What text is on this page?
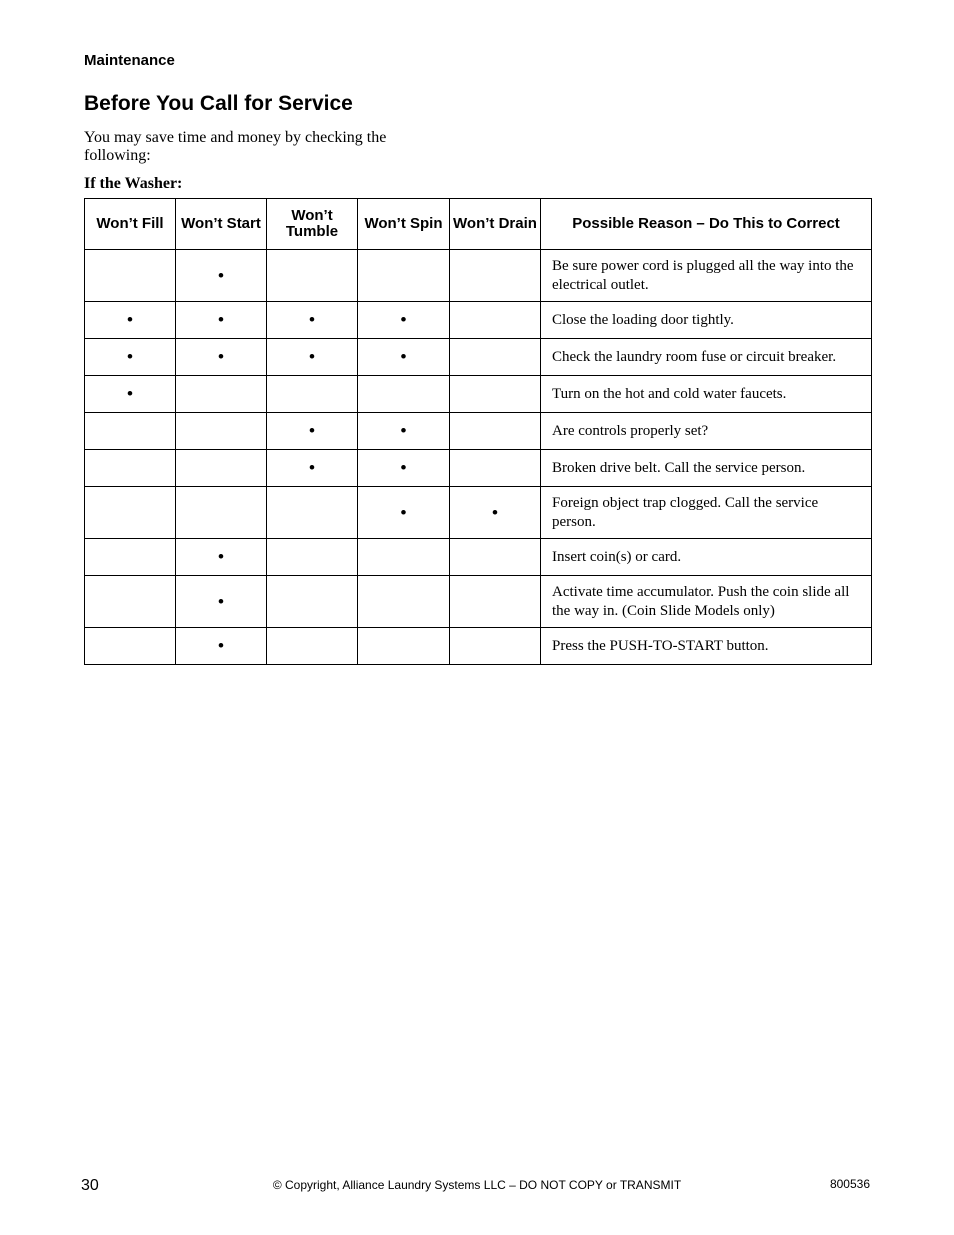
Maintenance
Before You Call for Service

You may save time and money by checking the following:

If the Washer:
Won’t Fill	Won’t Start	Won’t Tumble	Won’t Spin	Won’t Drain	Possible Reason – Do This to Correct
	•				Be sure power cord is plugged all the way into the electrical outlet.
•	•	•	•		Close the loading door tightly.
•	•	•	•		Check the laundry room fuse or circuit breaker.
•					Turn on the hot and cold water faucets.
		•	•		Are controls properly set?
		•	•		Broken drive belt. Call the service person.
			•	•	Foreign object trap clogged. Call the service person.
	•				Insert coin(s) or card.
	•				Activate time accumulator. Push the coin slide all the way in. (Coin Slide Models only)
	•				Press the PUSH-TO-START button.
30	© Copyright, Alliance Laundry Systems LLC – DO NOT COPY or TRANSMIT	800536
